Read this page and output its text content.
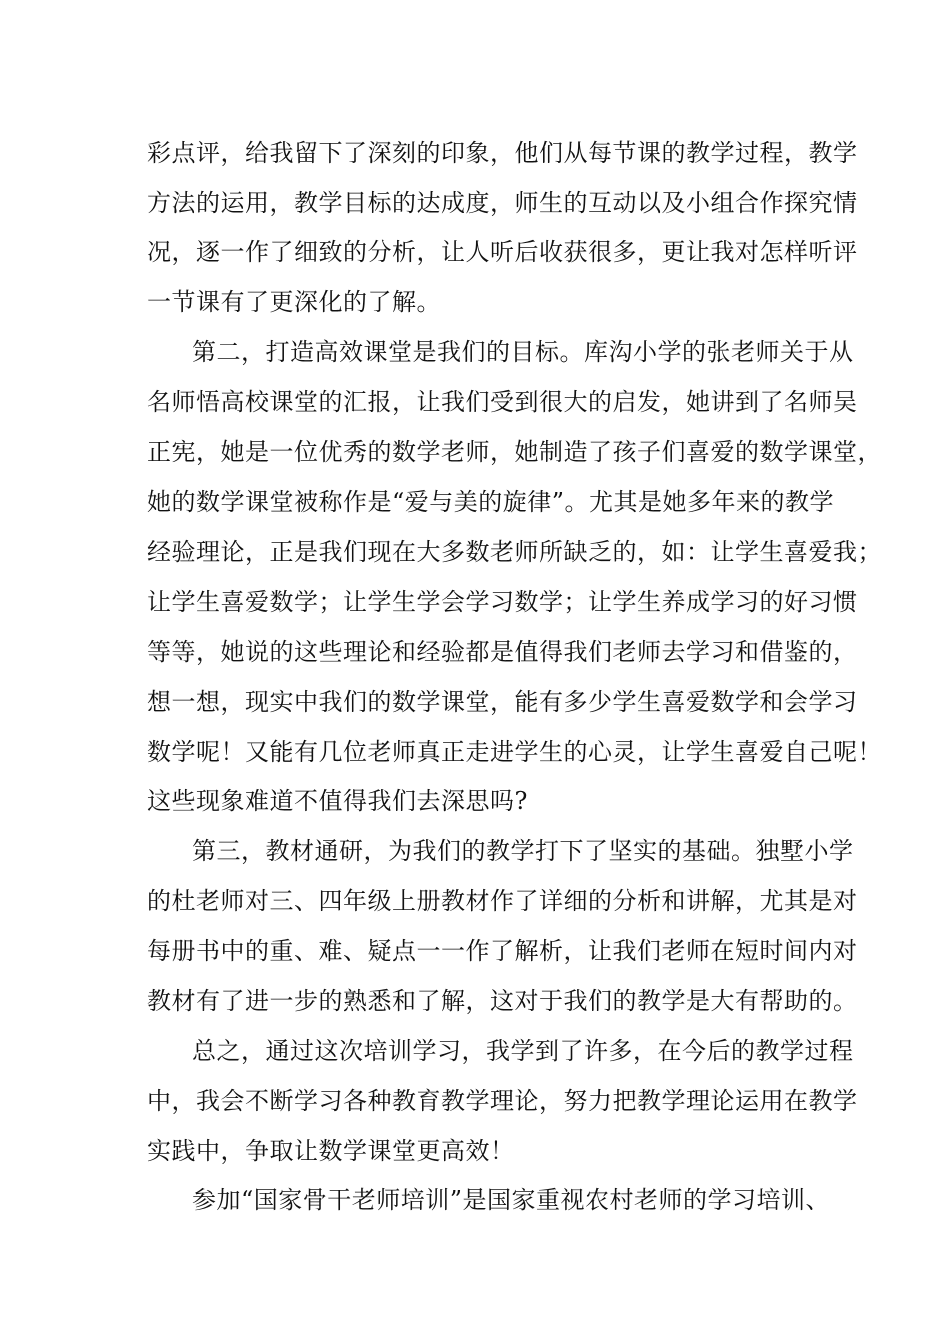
彩点评，给我留下了深刻的印象，他们从每节课的教学过程，教学
方法的运用，教学目标的达成度，师生的互动以及小组合作探究情
况，逐一作了细致的分析，让人听后收获很多，更让我对怎样听评
一节课有了更深化的了解。
第二，打造高效课堂是我们的目标。库沟小学的张老师关于从
名师悟高校课堂的汇报，让我们受到很大的启发，她讲到了名师吴
正宪，她是一位优秀的数学老师，她制造了孩子们喜爱的数学课堂，
她的数学课堂被称作是“爱与美的旋律”。尤其是她多年来的教学
经验理论，正是我们现在大多数老师所缺乏的，如：让学生喜爱我；
让学生喜爱数学；让学生学会学习数学；让学生养成学习的好习惯
等等，她说的这些理论和经验都是值得我们老师去学习和借鉴的，
想一想，现实中我们的数学课堂，能有多少学生喜爱数学和会学习
数学呢！又能有几位老师真正走进学生的心灵，让学生喜爱自己呢！
这些现象难道不值得我们去深思吗?
第三，教材通研，为我们的教学打下了坚实的基础。独墅小学
的杜老师对三、四年级上册教材作了详细的分析和讲解，尤其是对
每册书中的重、难、疑点一一作了解析，让我们老师在短时间内对
教材有了进一步的熟悉和了解，这对于我们的教学是大有帮助的。
总之，通过这次培训学习，我学到了许多，在今后的教学过程
中，我会不断学习各种教育教学理论，努力把教学理论运用在教学
实践中，争取让数学课堂更高效！
参加“国家骨干老师培训”是国家重视农村老师的学习培训、
